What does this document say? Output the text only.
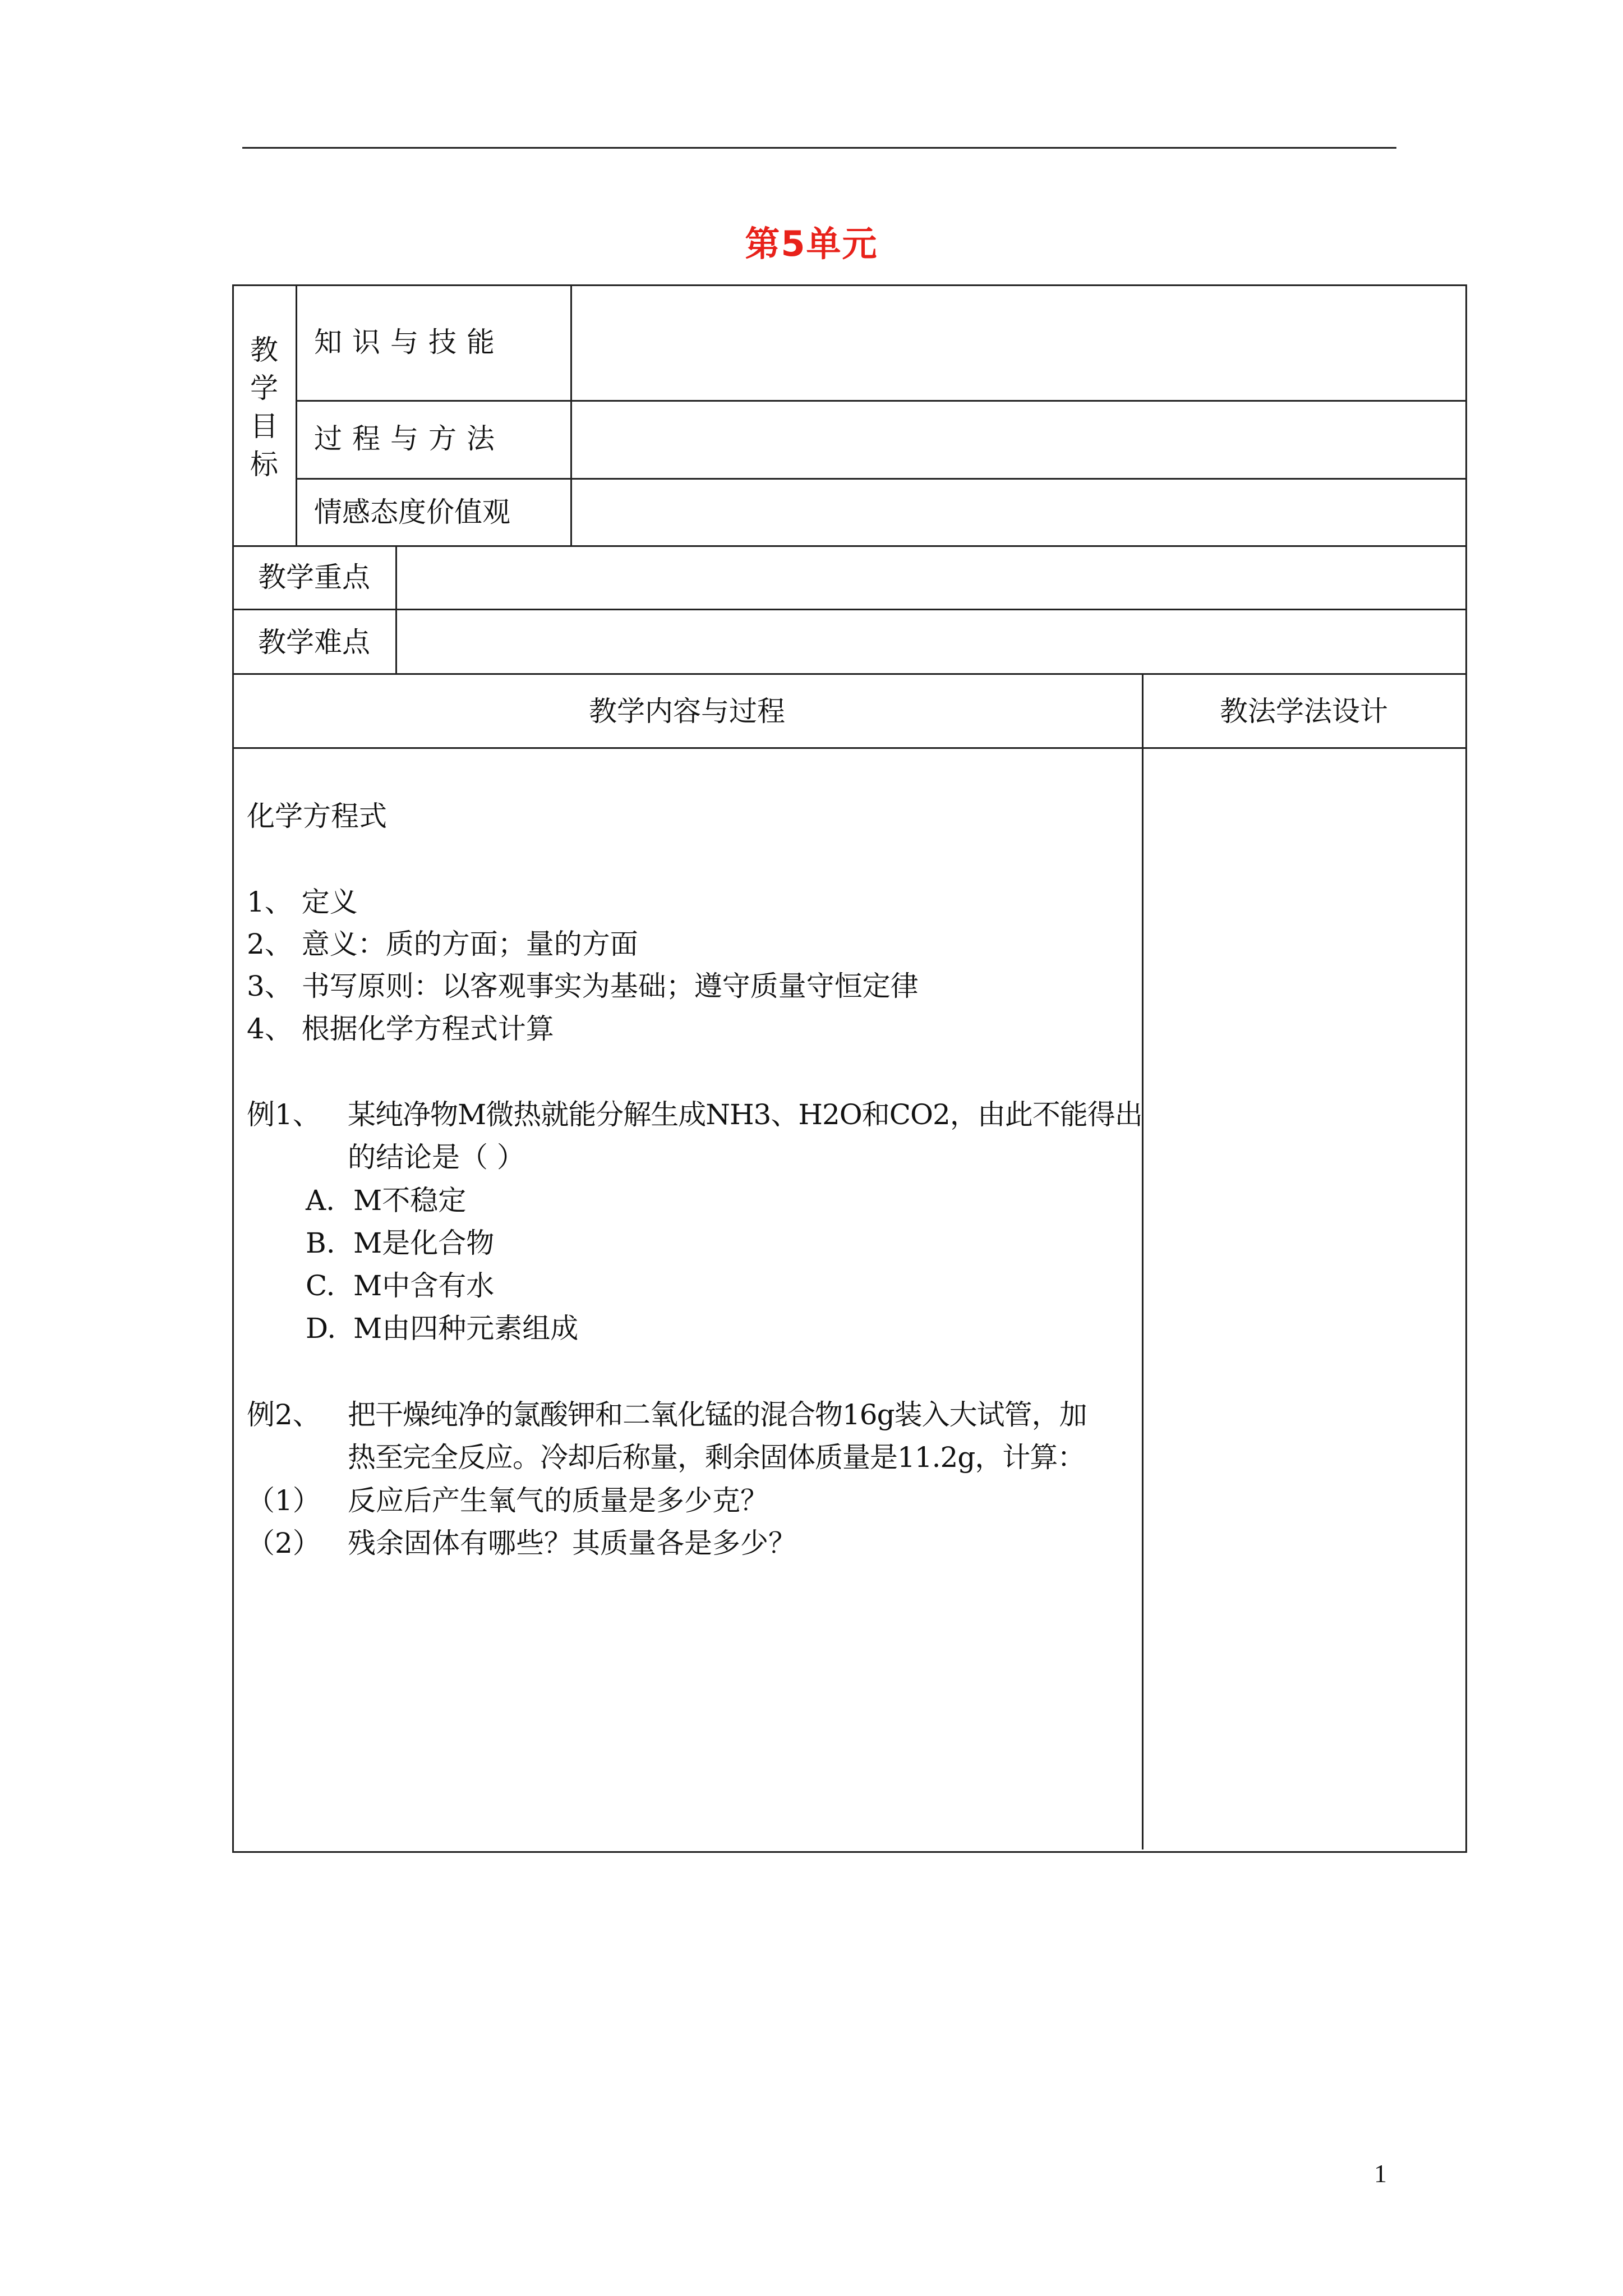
第5单元
教
学
目
标
知识与技能
过程与方法
情感态度价值观
教学重点
教学难点
教学内容与过程	教法学法设计
化学方程式
1、 定义
2、 意义：质的方面；量的方面
3、 书写原则：以客观事实为基础；遵守质量守恒定律
4、 根据化学方程式计算
例1、 某纯净物M微热就能分解生成NH3、H2O和CO2，由此不能得出
的结论是（ ）
A. M不稳定
B. M是化合物
C. M中含有水
D. M由四种元素组成
例2、 把干燥纯净的氯酸钾和二氧化锰的混合物16g装入大试管，加
热至完全反应。冷却后称量，剩余固体质量是11.2g，计算：
（1） 反应后产生氧气的质量是多少克？
（2） 残余固体有哪些？其质量各是多少？
1
